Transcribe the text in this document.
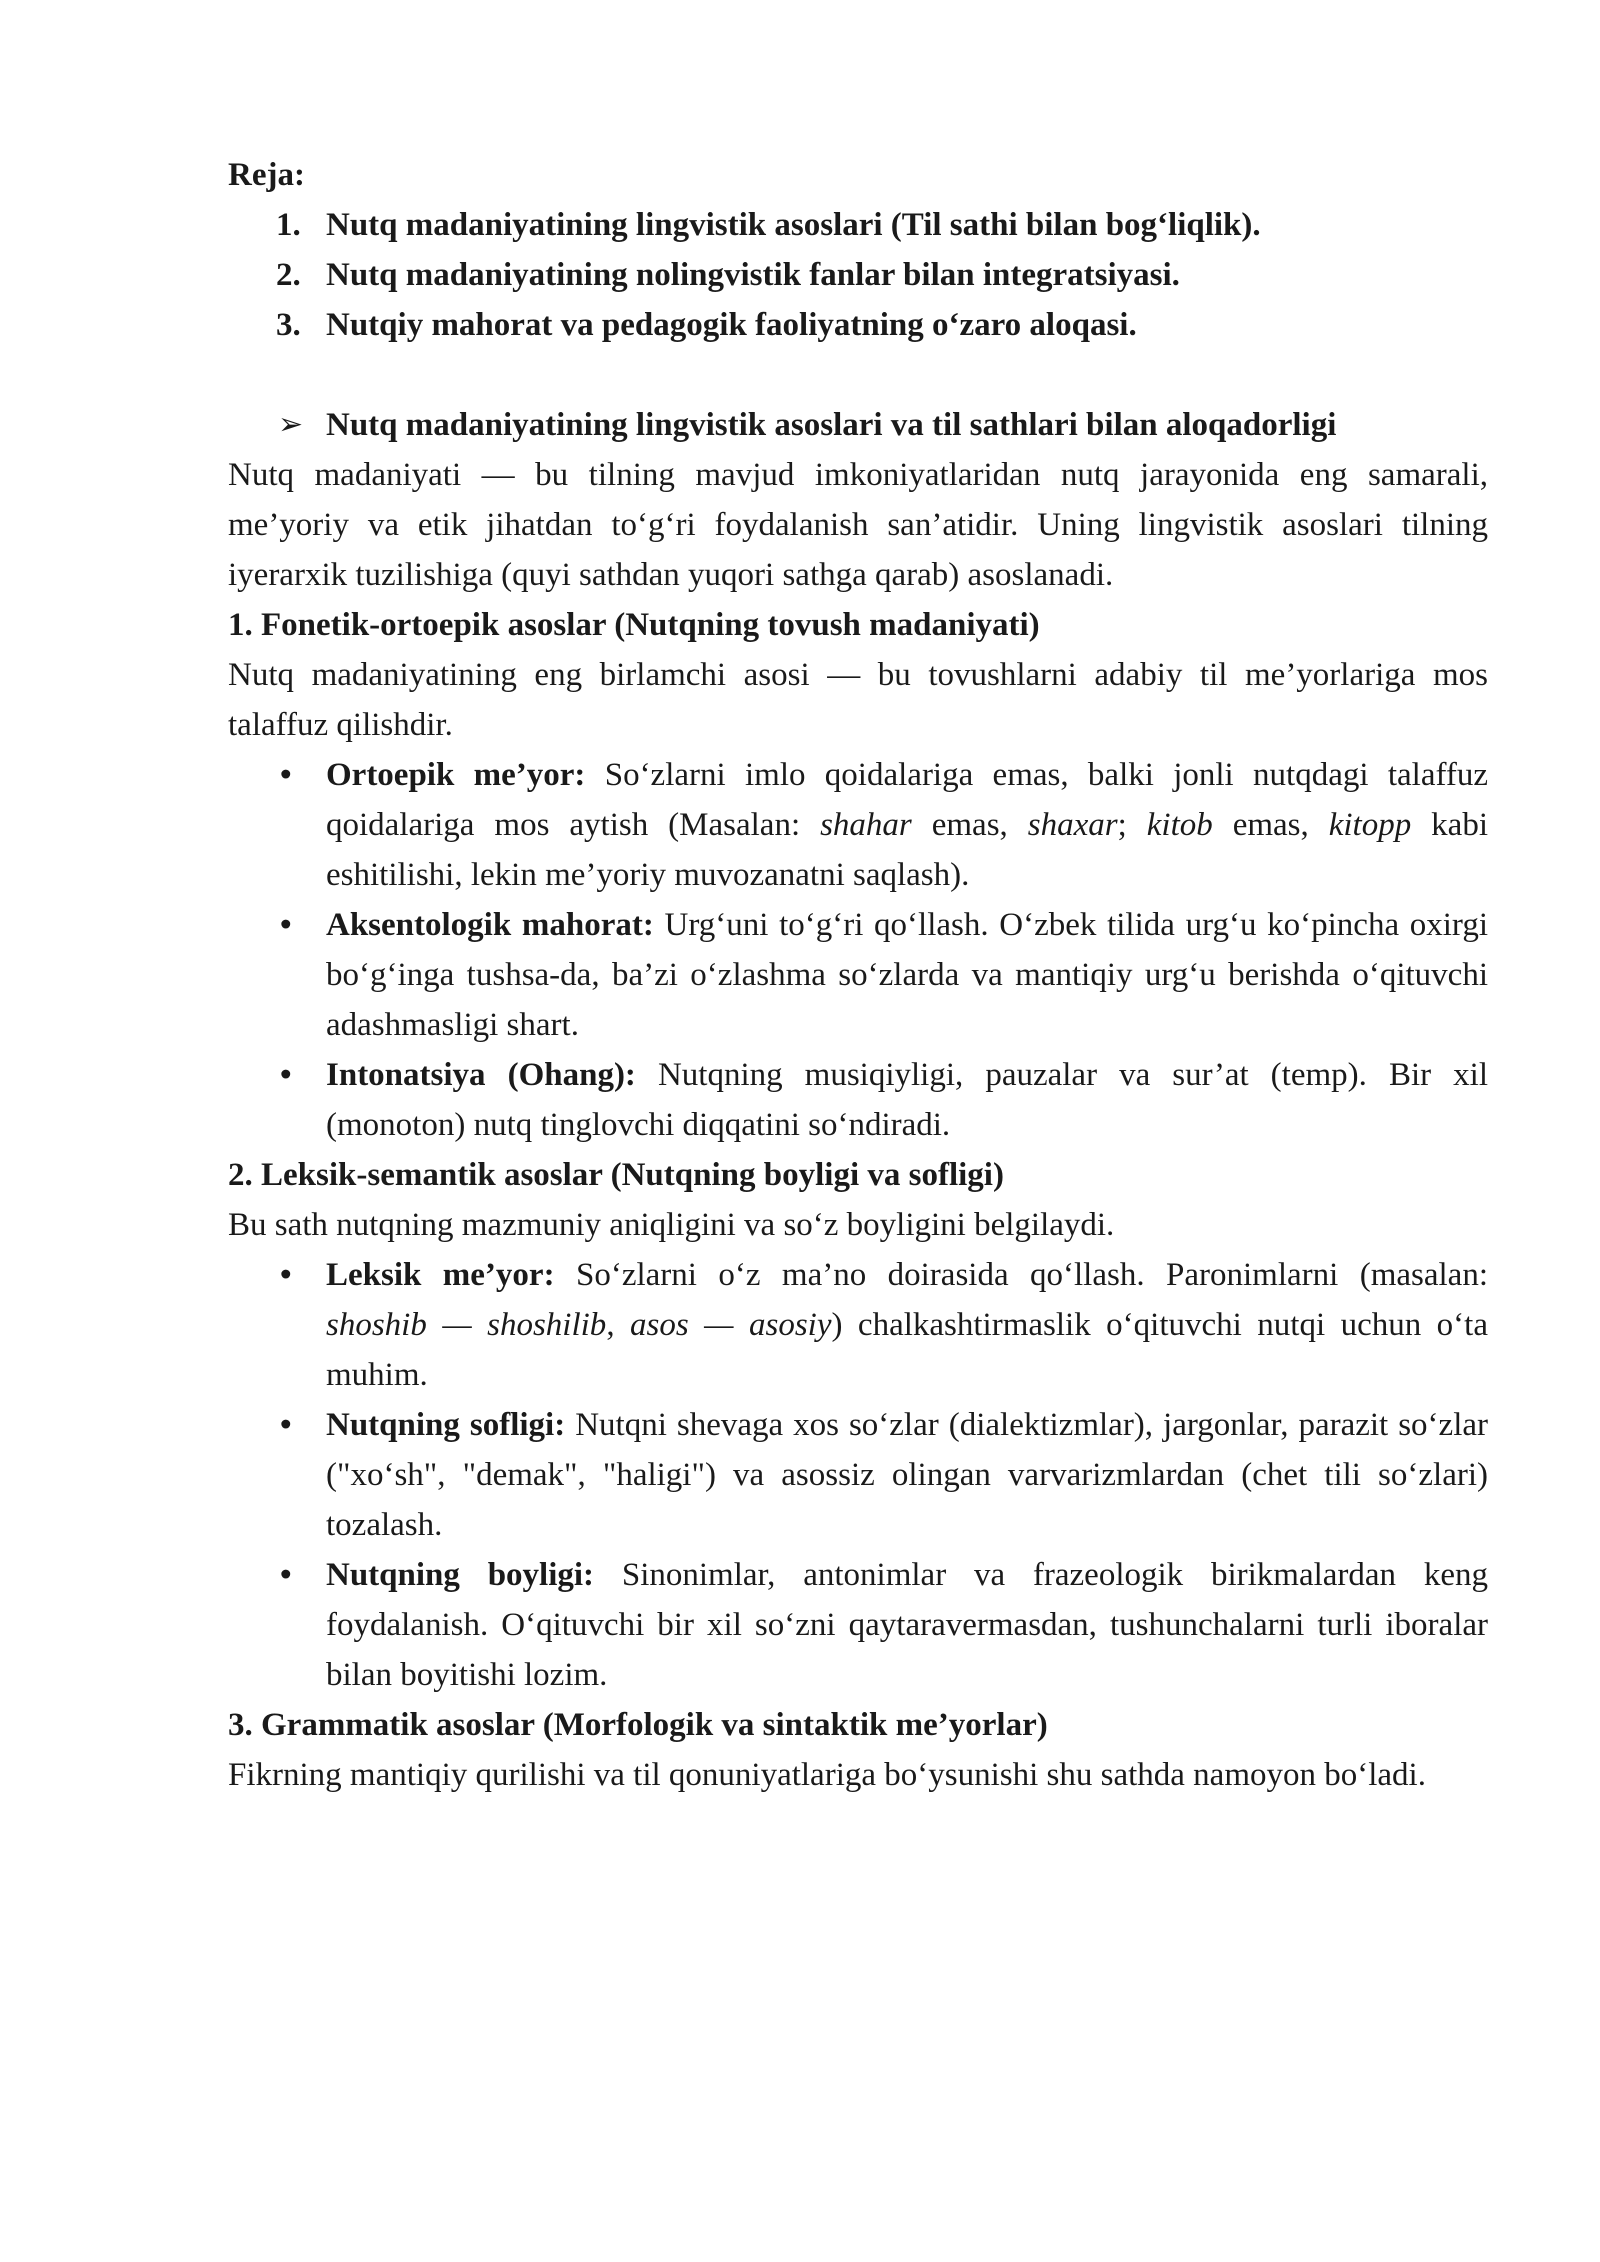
Reja:

1. Nutq madaniyatining lingvistik asoslari (Til sathi bilan bog‘liqlik).
2. Nutq madaniyatining nolingvistik fanlar bilan integratsiyasi.
3. Nutqiy mahorat va pedagogik faoliyatning o‘zaro aloqasi.

➢ Nutq madaniyatining lingvistik asoslari va til sathlari bilan aloqadorligi

Nutq madaniyati — bu tilning mavjud imkoniyatlaridan nutq jarayonida eng samarali, me’yoriy va etik jihatdan to‘g‘ri foydalanish san’atidir. Uning lingvistik asoslari tilning iyerarxik tuzilishiga (quyi sathdan yuqori sathga qarab) asoslanadi.

1. Fonetik-ortoepik asoslar (Nutqning tovush madaniyati)

Nutq madaniyatining eng birlamchi asosi — bu tovushlarni adabiy til me’yorlariga mos talaffuz qilishdir.

• Ortoepik me’yor: So‘zlarni imlo qoidalariga emas, balki jonli nutqdagi talaffuz qoidalariga mos aytish (Masalan: shahar emas, shaxar; kitob emas, kitopp kabi eshitilishi, lekin me’yoriy muvozanatni saqlash).
• Aksentologik mahorat: Urg‘uni to‘g‘ri qo‘llash. O‘zbek tilida urg‘u ko‘pincha oxirgi bo‘g‘inga tushsa-da, ba’zi o‘zlashma so‘zlarda va mantiqiy urg‘u berishda o‘qituvchi adashmasligi shart.
• Intonatsiya (Ohang): Nutqning musiqiyligi, pauzalar va sur’at (temp). Bir xil (monoton) nutq tinglovchi diqqatini so‘ndiradi.

2. Leksik-semantik asoslar (Nutqning boyligi va sofligi)

Bu sath nutqning mazmuniy aniqligini va so‘z boyligini belgilaydi.

• Leksik me’yor: So‘zlarni o‘z ma’no doirasida qo‘llash. Paronimlarni (masalan: shoshib — shoshilib, asos — asosiy) chalkashtirmaslik o‘qituvchi nutqi uchun o‘ta muhim.
• Nutqning sofligi: Nutqni shevaga xos so‘zlar (dialektizmlar), jargonlar, parazit so‘zlar ("xo‘sh", "demak", "haligi") va asossiz olingan varvarizmlardan (chet tili so‘zlari) tozalash.
• Nutqning boyligi: Sinonimlar, antonimlar va frazeologik birikmalardan keng foydalanish. O‘qituvchi bir xil so‘zni qaytaravermasdan, tushunchalarni turli iboralar bilan boyitishi lozim.

3. Grammatik asoslar (Morfologik va sintaktik me’yorlar)

Fikrning mantiqiy qurilishi va til qonuniyatlariga bo‘ysunishi shu sathda namoyon bo‘ladi.
